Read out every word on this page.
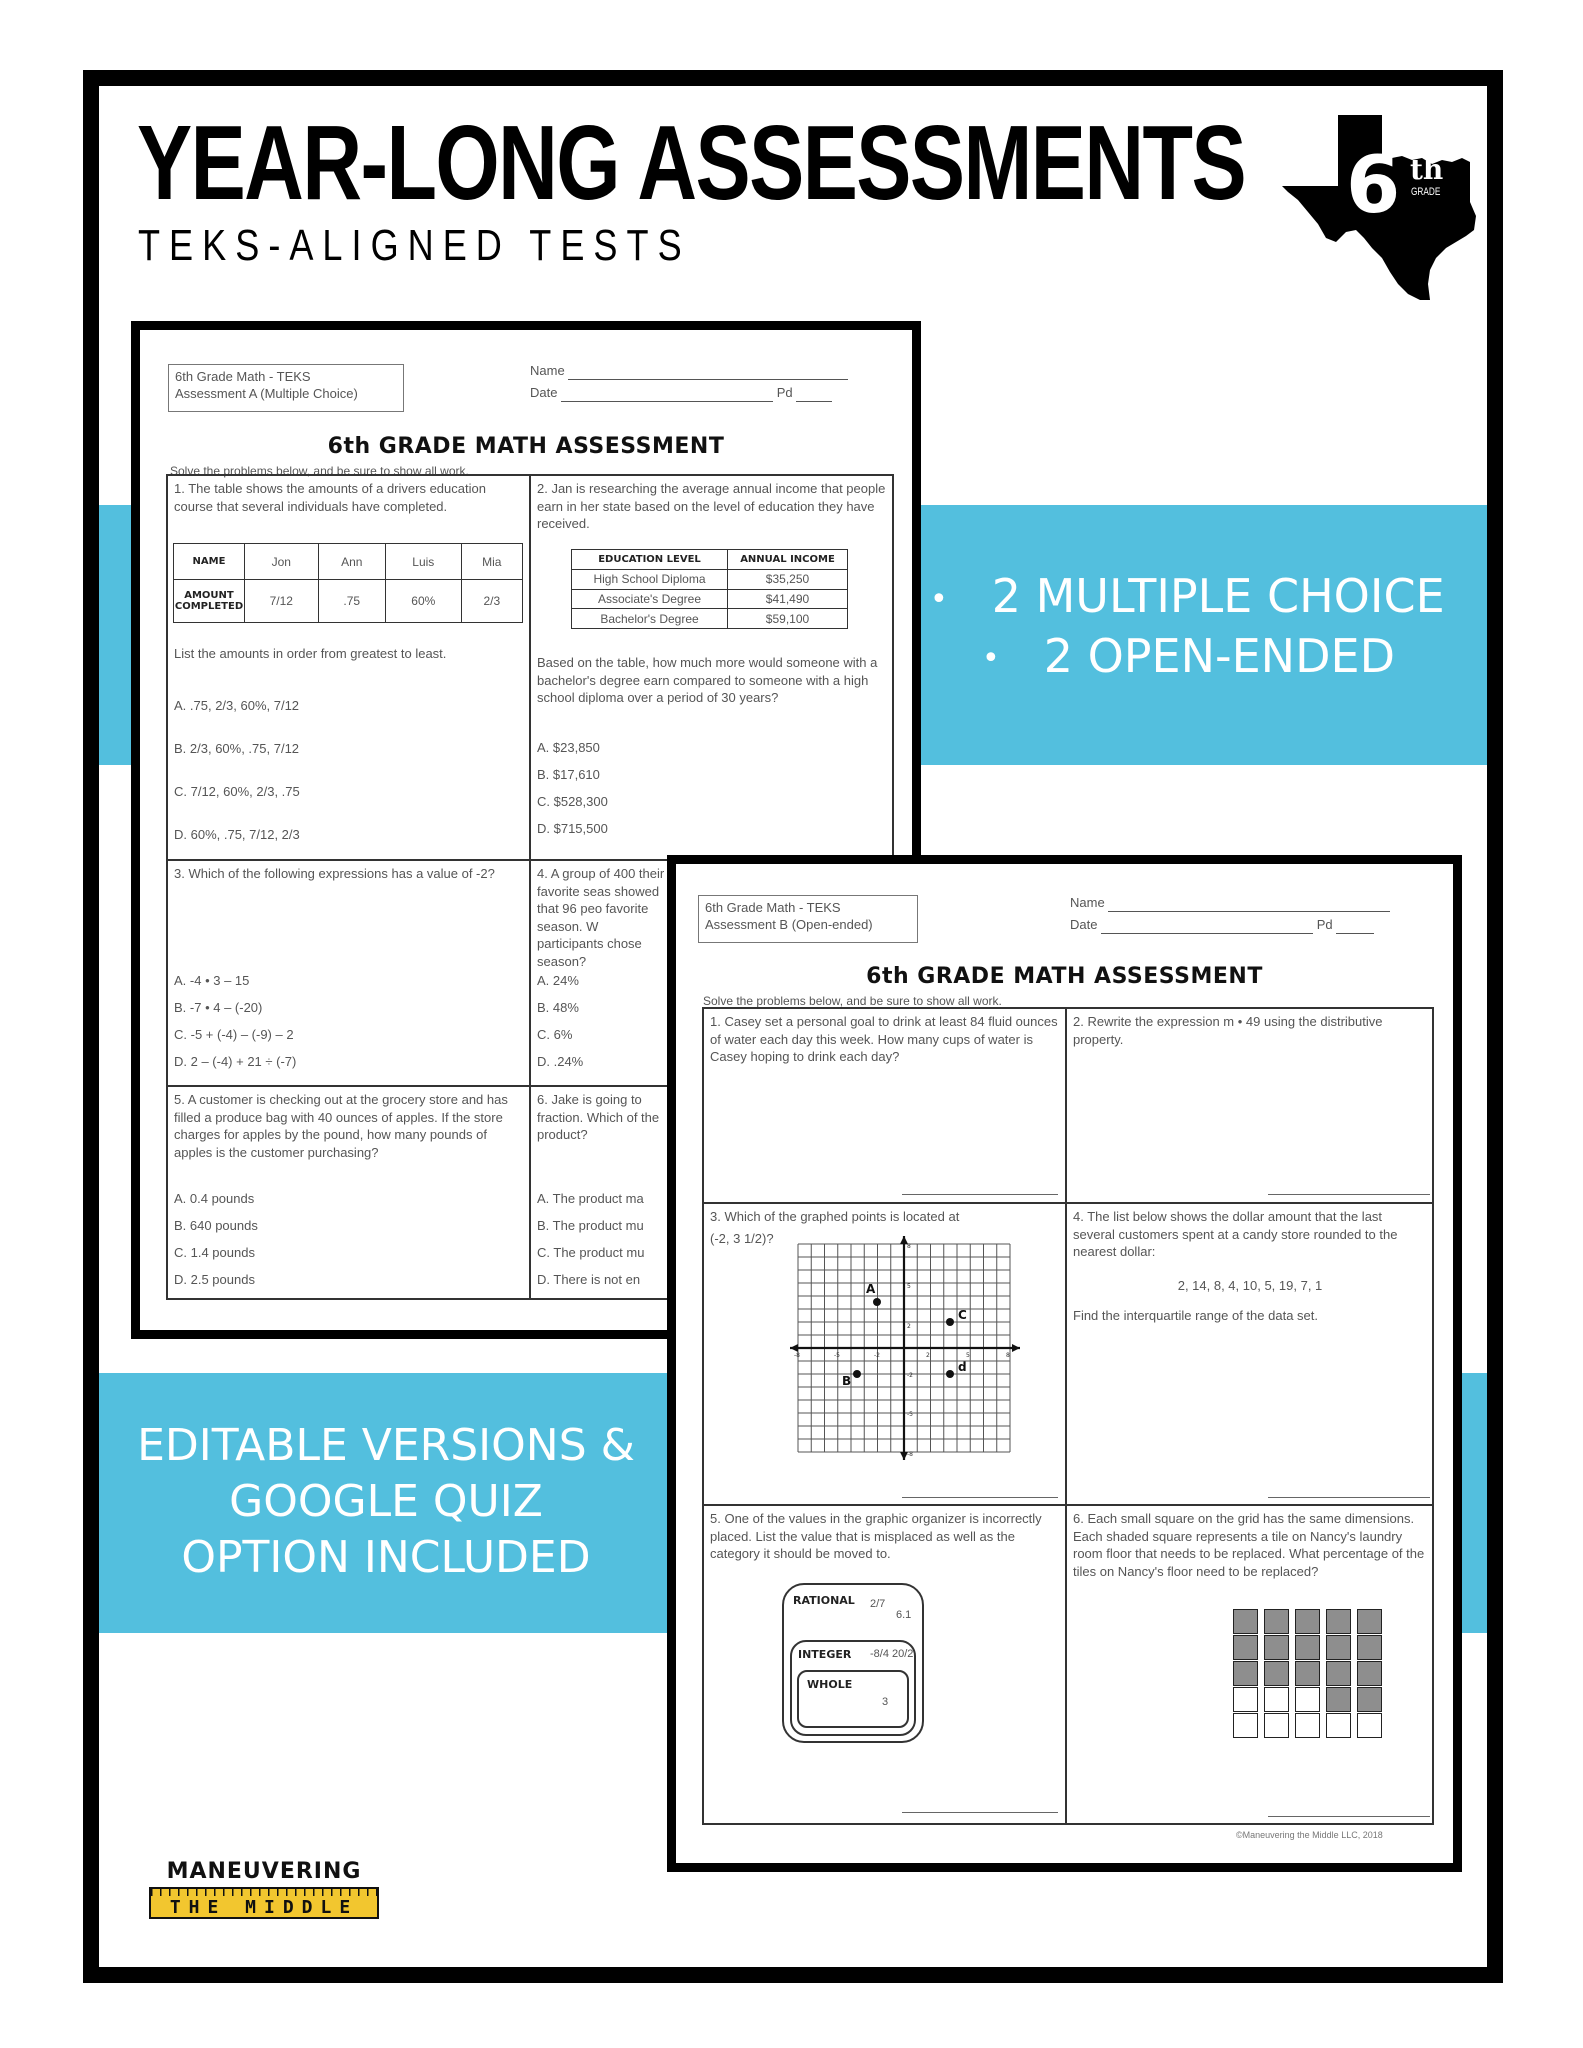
YEAR-LONG ASSESSMENTS
TEKS-ALIGNED TESTS
6 th
GRADE
• 2 MULTIPLE CHOICE
• 2 OPEN-ENDED
EDITABLE VERSIONS &
GOOGLE QUIZ
OPTION INCLUDED
MANEUVERING
THE MIDDLE
6th Grade Math - TEKS
Assessment A (Multiple Choice)
Name
Date	Pd
6th GRADE MATH ASSESSMENT
Solve the problems below, and be sure to show all work.
1. The table shows the amounts of a drivers education course that several individuals have completed.
NAME	Jon	Ann	Luis	Mia
AMOUNT COMPLETED	7/12	.75	60%	2/3
List the amounts in order from greatest to least.
A. .75, 2/3, 60%, 7/12
B. 2/3, 60%, .75, 7/12
C. 7/12, 60%, 2/3, .75
D. 60%, .75, 7/12, 2/3
2. Jan is researching the average annual income that people earn in her state based on the level of education they have received.
EDUCATION LEVEL	ANNUAL INCOME
High School Diploma	$35,250
Associate's Degree	$41,490
Bachelor's Degree	$59,100
Based on the table, how much more would someone with a bachelor's degree earn compared to someone with a high school diploma over a period of 30 years?
A. $23,850
B. $17,610
C. $528,300
D. $715,500
3. Which of the following expressions has a value of -2?
A. -4 • 3 – 15
B. -7 • 4 – (-20)
C. -5 + (-4) – (-9) – 2
D. 2 – (-4) + 21 ÷ (-7)
4. A group of 400 their favorite seas showed that 96 peo favorite season. W participants chose season?
A. 24%
B. 48%
C. 6%
D. .24%
5. A customer is checking out at the grocery store and has filled a produce bag with 40 ounces of apples. If the store charges for apples by the pound, how many pounds of apples is the customer purchasing?
A. 0.4 pounds
B. 640 pounds
C. 1.4 pounds
D. 2.5 pounds
6. Jake is going to fraction. Which of the product?
A. The product ma
B. The product mu
C. The product mu
D. There is not en
6th Grade Math - TEKS
Assessment B (Open-ended)
Name
Date	Pd
6th GRADE MATH ASSESSMENT
Solve the problems below, and be sure to show all work.
1. Casey set a personal goal to drink at least 84 fluid ounces of water each day this week. How many cups of water is Casey hoping to drink each day?
2. Rewrite the expression m • 49 using the distributive property.
3. Which of the graphed points is located at
(-2, 3 1/2)?
-8	-5	-2	2	5	8
8
5
2
-2
-5
-8
A
B
C
d
4. The list below shows the dollar amount that the last several customers spent at a candy store rounded to the nearest dollar:
2, 14, 8, 4, 10, 5, 19, 7, 1
Find the interquartile range of the data set.
5. One of the values in the graphic organizer is incorrectly placed. List the value that is misplaced as well as the category it should be moved to.
RATIONAL 2/7
6.1
INTEGER -8/4 20/2
WHOLE
3
6. Each small square on the grid has the same dimensions. Each shaded square represents a tile on Nancy's laundry room floor that needs to be replaced. What percentage of the tiles on Nancy's floor need to be replaced?
©Maneuvering the Middle LLC, 2018
